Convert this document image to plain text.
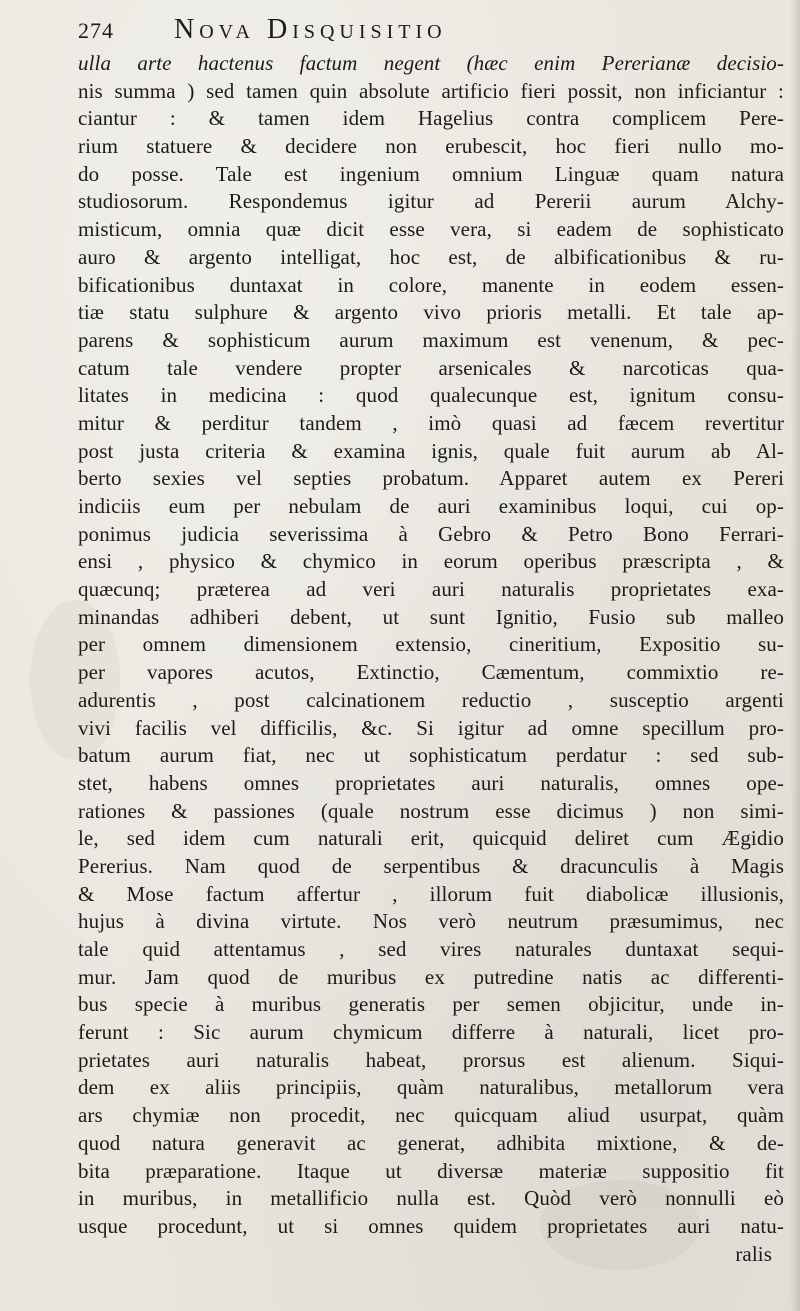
274 Nova Disquisitio
ulla arte hactenus factum negent (hæc enim Pererianæ decisio-
nis summa ) sed tamen quin absolute artificio fieri possit, non inficiantur :
ciantur : & tamen idem Hagelius contra complicem Pere-
rium statuere & decidere non erubescit, hoc fieri nullo mo-
do posse. Tale est ingenium omnium Linguæ quam natura
studiosorum. Respondemus igitur ad Pererii aurum Alchy-
misticum, omnia quæ dicit esse vera, si eadem de sophisticato
auro & argento intelligat, hoc est, de albificationibus & ru-
bificationibus duntaxat in colore, manente in eodem essen-
tiæ statu sulphure & argento vivo prioris metalli. Et tale ap-
parens & sophisticum aurum maximum est venenum, & pec-
catum tale vendere propter arsenicales & narcoticas qua-
litates in medicina : quod qualecunque est, ignitum consu-
mitur & perditur tandem , imò quasi ad fæcem revertitur
post justa criteria & examina ignis, quale fuit aurum ab Al-
berto sexies vel septies probatum. Apparet autem ex Pereri
indiciis eum per nebulam de auri examinibus loqui, cui op-
ponimus judicia severissima à Gebro & Petro Bono Ferrari-
ensi , physico & chymico in eorum operibus præscripta , &
quæcunq; præterea ad veri auri naturalis proprietates exa-
minandas adhiberi debent, ut sunt Ignitio, Fusio sub malleo
per omnem dimensionem extensio, cineritium, Expositio su-
per vapores acutos, Extinctio, Cæmentum, commixtio re-
adurentis , post calcinationem reductio , susceptio argenti
vivi facilis vel difficilis, &c. Si igitur ad omne specillum pro-
batum aurum fiat, nec ut sophisticatum perdatur : sed sub-
stet, habens omnes proprietates auri naturalis, omnes ope-
rationes & passiones (quale nostrum esse dicimus ) non simi-
le, sed idem cum naturali erit, quicquid deliret cum Ægidio
Pererius. Nam quod de serpentibus & dracunculis à Magis
& Mose factum affertur , illorum fuit diabolicæ illusionis,
hujus à divina virtute. Nos verò neutrum præsumimus, nec
tale quid attentamus , sed vires naturales duntaxat sequi-
mur. Jam quod de muribus ex putredine natis ac differenti-
bus specie à muribus generatis per semen objicitur, unde in-
ferunt : Sic aurum chymicum differre à naturali, licet pro-
prietates auri naturalis habeat, prorsus est alienum. Siqui-
dem ex aliis principiis, quàm naturalibus, metallorum vera
ars chymiæ non procedit, nec quicquam aliud usurpat, quàm
quod natura generavit ac generat, adhibita mixtione, & de-
bita præparatione. Itaque ut diversæ materiæ suppositio fit
in muribus, in metallificio nulla est. Quòd verò nonnulli eò
usque procedunt, ut si omnes quidem proprietates auri natu-
ralis
